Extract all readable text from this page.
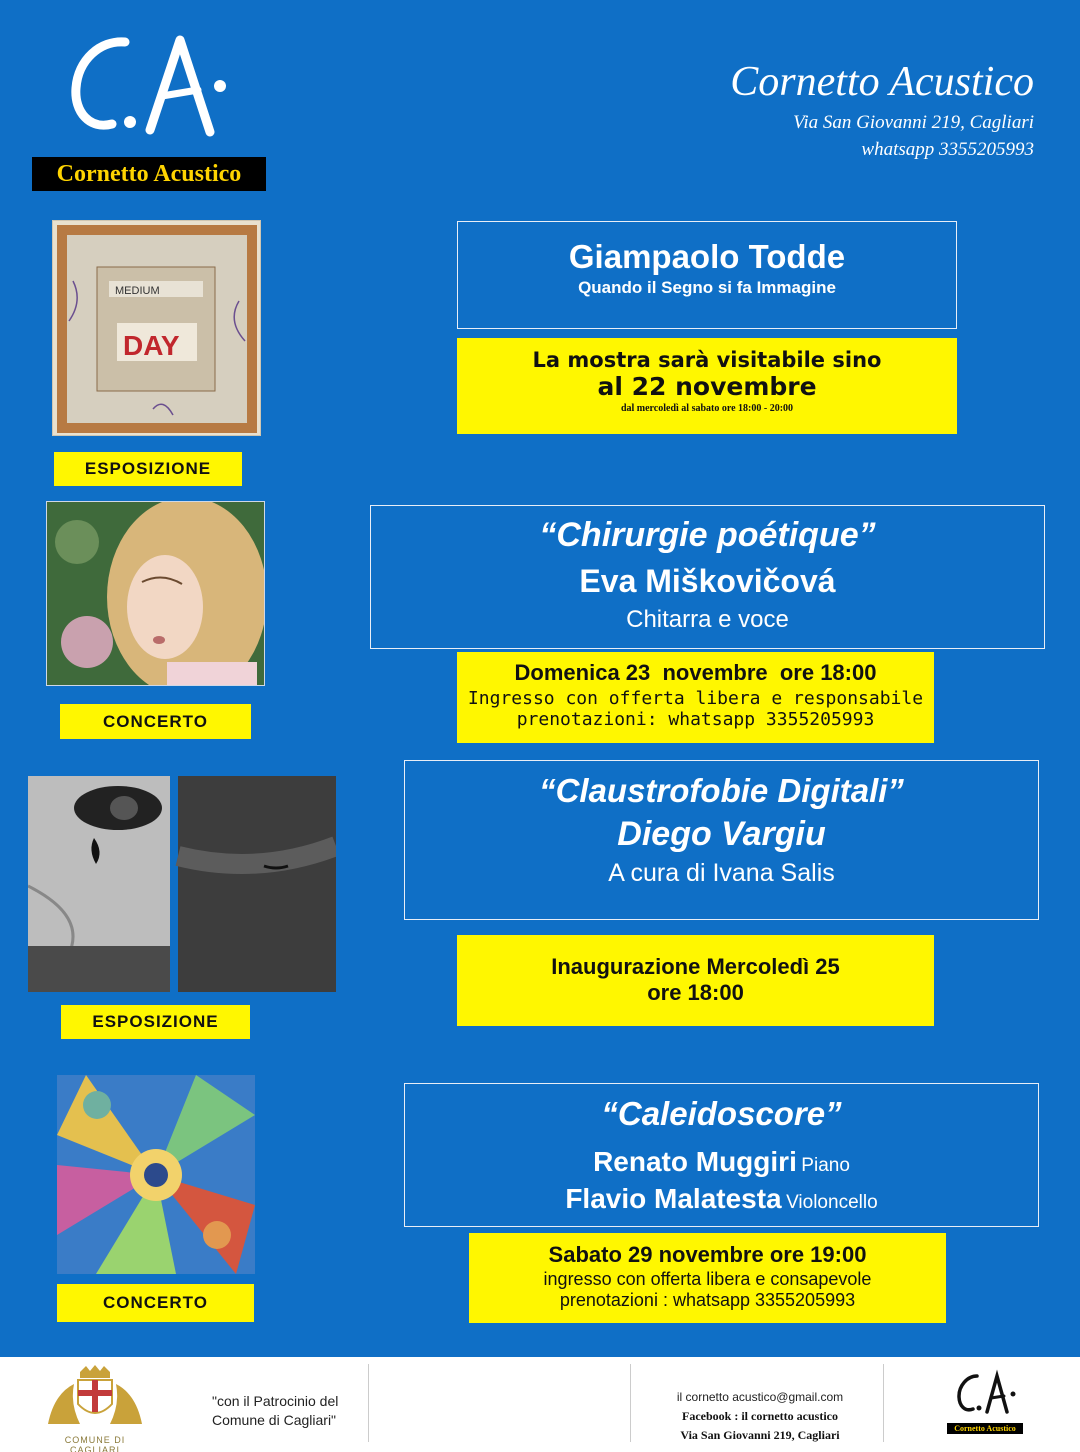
Cornetto Acustico
Cornetto Acustico
Via San Giovanni 219, Cagliari
whatsapp 3355205993
MEDIUM
DAY
ESPOSIZIONE
Giampaolo Todde
Quando il Segno si fa Immagine
La mostra sarà visitabile sino
al 22 novembre
dal mercoledì al sabato ore 18:00 - 20:00
CONCERTO
“Chirurgie poétique”
Eva Miškovičová
Chitarra e voce
Domenica 23  novembre  ore 18:00
Ingresso con offerta libera e responsabile
prenotazioni: whatsapp 3355205993
ESPOSIZIONE
“Claustrofobie Digitali”
Diego Vargiu
A cura di Ivana Salis
Inaugurazione Mercoledì 25
ore 18:00
CONCERTO
“Caleidoscore”
Renato Muggiri Piano
Flavio Malatesta Violoncello
Sabato 29 novembre ore 19:00
ingresso con offerta libera e consapevole
prenotazioni : whatsapp 3355205993
COMUNE DI CAGLIARI
"con il Patrocinio del
Comune di Cagliari"
il cornetto acustico@gmail.com
Facebook : il cornetto acustico
Via San Giovanni 219, Cagliari	Cornetto Acustico
